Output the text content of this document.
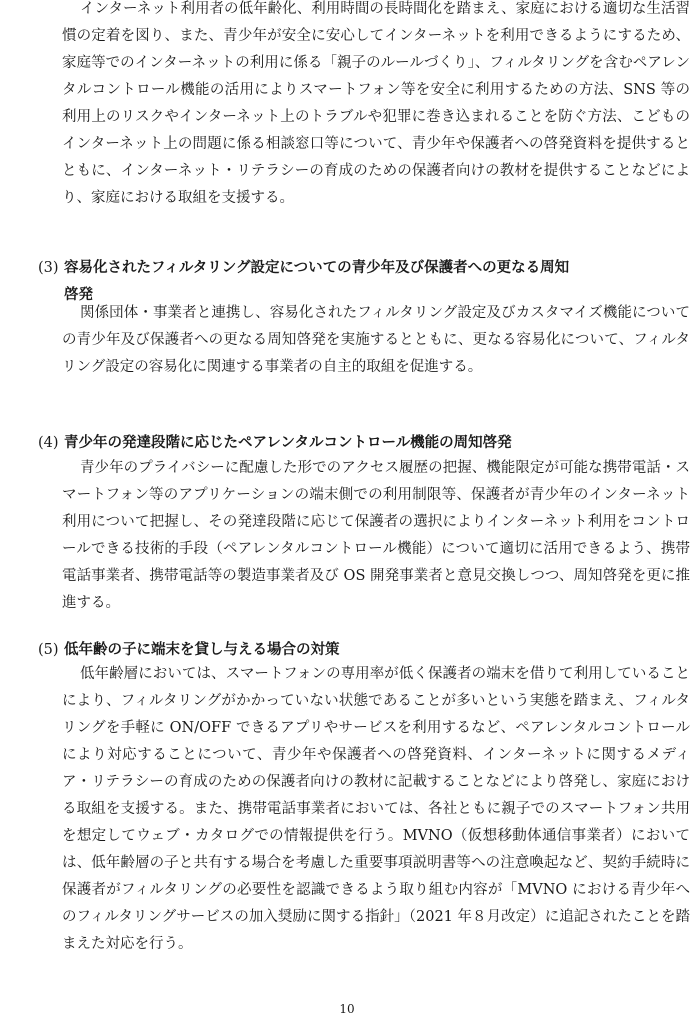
インターネット利用者の低年齢化、利用時間の長時間化を踏まえ、家庭における適切な生活習慣の定着を図り、また、青少年が安全に安心してインターネットを利用できるようにするため、家庭等でのインターネットの利用に係る「親子のルールづくり」、フィルタリングを含むペアレンタルコントロール機能の活用によりスマートフォン等を安全に利用するための方法、SNS 等の利用上のリスクやインターネット上のトラブルや犯罪に巻き込まれることを防ぐ方法、こどものインターネット上の問題に係る相談窓口等について、青少年や保護者への啓発資料を提供するとともに、インターネット・リテラシーの育成のための保護者向けの教材を提供することなどにより、家庭における取組を支援する。

(3) 容易化されたフィルタリング設定についての青少年及び保護者への更なる周知
啓発

関係団体・事業者と連携し、容易化されたフィルタリング設定及びカスタマイズ機能についての青少年及び保護者への更なる周知啓発を実施するとともに、更なる容易化について、フィルタリング設定の容易化に関連する事業者の自主的取組を促進する。

(4) 青少年の発達段階に応じたペアレンタルコントロール機能の周知啓発

青少年のプライバシーに配慮した形でのアクセス履歴の把握、機能限定が可能な携帯電話・スマートフォン等のアプリケーションの端末側での利用制限等、保護者が青少年のインターネット利用について把握し、その発達段階に応じて保護者の選択によりインターネット利用をコントロールできる技術的手段（ペアレンタルコントロール機能）について適切に活用できるよう、携帯電話事業者、携帯電話等の製造事業者及び OS 開発事業者と意見交換しつつ、周知啓発を更に推進する。

(5) 低年齢の子に端末を貸し与える場合の対策

低年齢層においては、スマートフォンの専用率が低く保護者の端末を借りて利用していることにより、フィルタリングがかかっていない状態であることが多いという実態を踏まえ、フィルタリングを手軽に ON/OFF できるアプリやサービスを利用するなど、ペアレンタルコントロールにより対応することについて、青少年や保護者への啓発資料、インターネットに関するメディア・リテラシーの育成のための保護者向けの教材に記載することなどにより啓発し、家庭における取組を支援する。また、携帯電話事業者においては、各社ともに親子でのスマートフォン共用を想定してウェブ・カタログでの情報提供を行う。MVNO（仮想移動体通信事業者）においては、低年齢層の子と共有する場合を考慮した重要事項説明書等への注意喚起など、契約手続時に保護者がフィルタリングの必要性を認識できるよう取り組む内容が「MVNO における青少年へのフィルタリングサービスの加入奨励に関する指針」（2021 年８月改定）に追記されたことを踏まえた対応を行う。

10
